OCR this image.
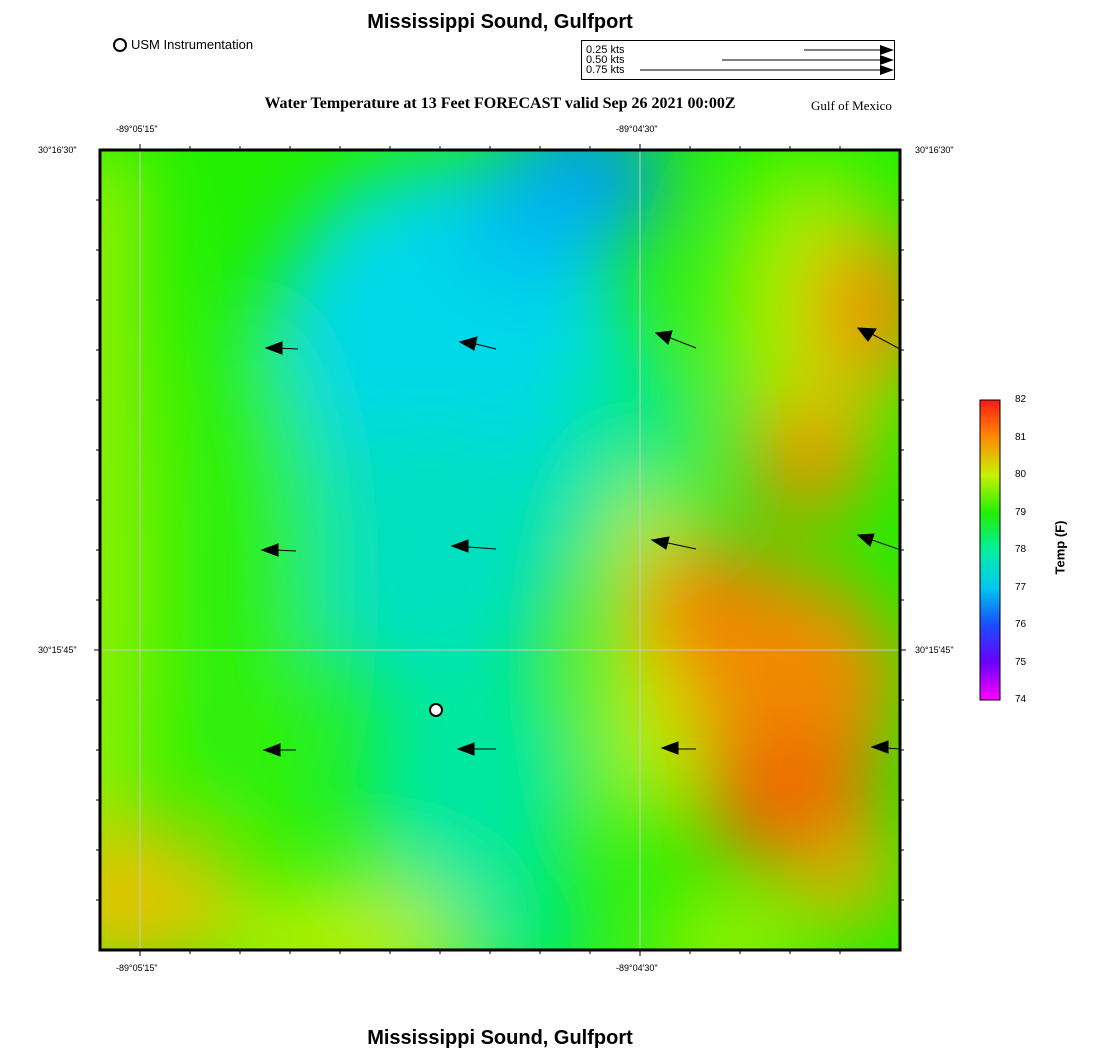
Mississippi Sound, Gulfport
USM Instrumentation	0.25 kts
0.50 kts
0.75 kts
Water Temperature at 13 Feet FORECAST valid Sep 26 2021 00:00Z	Gulf of Mexico
-89°05'15"	-89°04'30"
-89°05'15"	-89°04'30"
30°16'30"
30°15'45"
30°16'30"
30°15'45"
82
81
80
79
78
77
76
75
74
Temp (F)
Mississippi Sound, Gulfport
